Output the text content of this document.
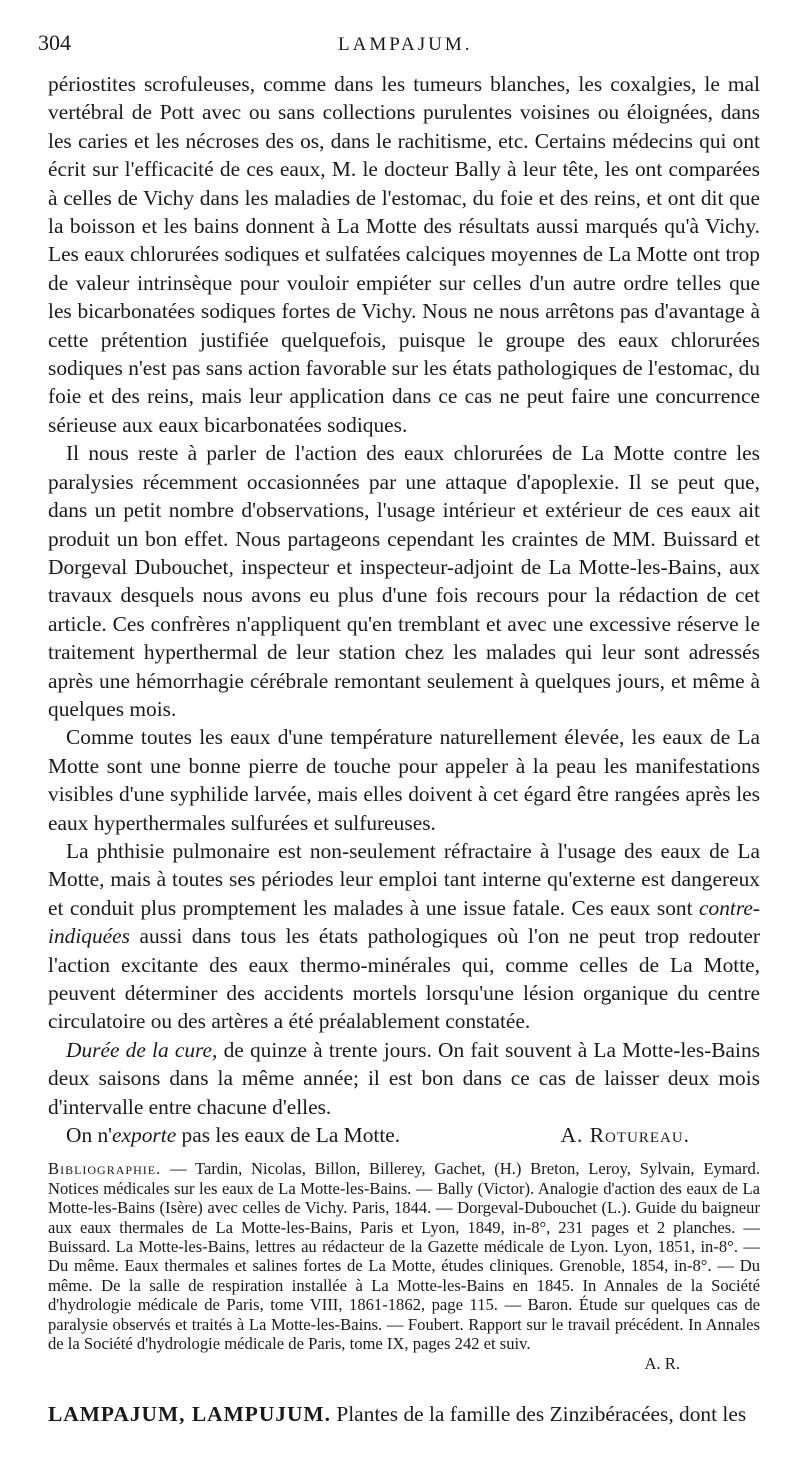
304	LAMPAJUM.

périostites scrofuleuses, comme dans les tumeurs blanches, les coxalgies, le mal vertébral de Pott avec ou sans collections purulentes voisines ou éloignées, dans les caries et les nécroses des os, dans le rachitisme, etc. Certains médecins qui ont écrit sur l'efficacité de ces eaux, M. le docteur Bally à leur tête, les ont comparées à celles de Vichy dans les maladies de l'estomac, du foie et des reins, et ont dit que la boisson et les bains donnent à La Motte des résultats aussi marqués qu'à Vichy. Les eaux chlorurées sodiques et sulfatées calciques moyennes de La Motte ont trop de valeur intrinsèque pour vouloir empiéter sur celles d'un autre ordre telles que les bicarbonatées sodiques fortes de Vichy. Nous ne nous arrêtons pas d'avantage à cette prétention justifiée quelquefois, puisque le groupe des eaux chlorurées sodiques n'est pas sans action favorable sur les états pathologiques de l'estomac, du foie et des reins, mais leur application dans ce cas ne peut faire une concurrence sérieuse aux eaux bicarbonatées sodiques.

Il nous reste à parler de l'action des eaux chlorurées de La Motte contre les paralysies récemment occasionnées par une attaque d'apoplexie. Il se peut que, dans un petit nombre d'observations, l'usage intérieur et extérieur de ces eaux ait produit un bon effet. Nous partageons cependant les craintes de MM. Buissard et Dorgeval Dubouchet, inspecteur et inspecteur-adjoint de La Motte-les-Bains, aux travaux desquels nous avons eu plus d'une fois recours pour la rédaction de cet article. Ces confrères n'appliquent qu'en tremblant et avec une excessive réserve le traitement hyperthermal de leur station chez les malades qui leur sont adressés après une hémorrhagie cérébrale remontant seulement à quelques jours, et même à quelques mois.

Comme toutes les eaux d'une température naturellement élevée, les eaux de La Motte sont une bonne pierre de touche pour appeler à la peau les manifestations visibles d'une syphilide larvée, mais elles doivent à cet égard être rangées après les eaux hyperthermales sulfurées et sulfureuses.

La phthisie pulmonaire est non-seulement réfractaire à l'usage des eaux de La Motte, mais à toutes ses périodes leur emploi tant interne qu'externe est dangereux et conduit plus promptement les malades à une issue fatale. Ces eaux sont contre-indiquées aussi dans tous les états pathologiques où l'on ne peut trop redouter l'action excitante des eaux thermo-minérales qui, comme celles de La Motte, peuvent déterminer des accidents mortels lorsqu'une lésion organique du centre circulatoire ou des artères a été préalablement constatée.

Durée de la cure, de quinze à trente jours. On fait souvent à La Motte-les-Bains deux saisons dans la même année; il est bon dans ce cas de laisser deux mois d'intervalle entre chacune d'elles.

On n'exporte pas les eaux de La Motte.	A. Rotureau.

Bibliographie. — Tardin, Nicolas, Billon, Billerey, Gachet, (H.) Breton, Leroy, Sylvain, Eymard. Notices médicales sur les eaux de La Motte-les-Bains. — Bally (Victor). Analogie d'action des eaux de La Motte-les-Bains (Isère) avec celles de Vichy. Paris, 1844. — Dorgeval-Dubouchet (L.). Guide du baigneur aux eaux thermales de La Motte-les-Bains, Paris et Lyon, 1849, in-8°, 231 pages et 2 planches. — Buissard. La Motte-les-Bains, lettres au rédacteur de la Gazette médicale de Lyon. Lyon, 1851, in-8°. — Du même. Eaux thermales et salines fortes de La Motte, études cliniques. Grenoble, 1854, in-8°. — Du même. De la salle de respiration installée à La Motte-les-Bains en 1845. In Annales de la Société d'hydrologie médicale de Paris, tome VIII, 1861-1862, page 115. — Baron. Étude sur quelques cas de paralysie observés et traités à La Motte-les-Bains. — Foubert. Rapport sur le travail précédent. In Annales de la Société d'hydrologie médicale de Paris, tome IX, pages 242 et suiv.
A. R.
LAMPAJUM, LAMPUJUM. Plantes de la famille des Zinzibéracées, dont les
